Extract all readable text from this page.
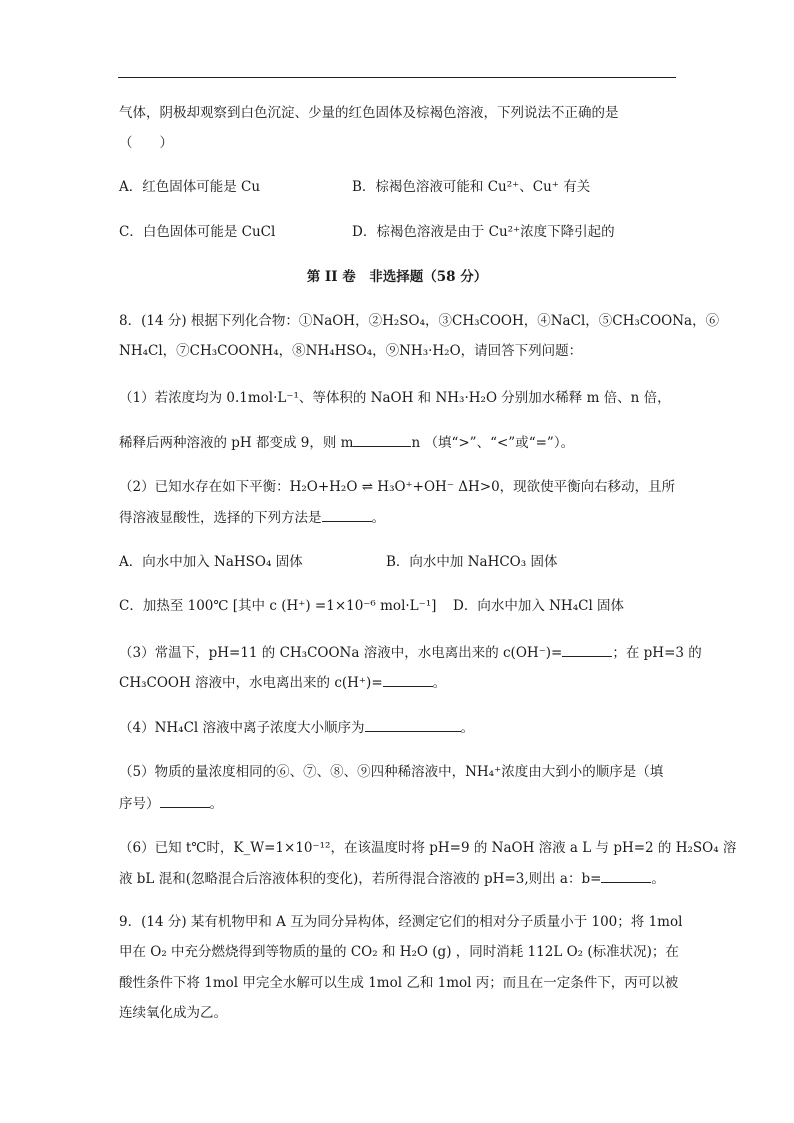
气体，阴极却观察到白色沉淀、少量的红色固体及棕褐色溶液，下列说法不正确的是
（　　）
A．红色固体可能是 Cu	B．棕褐色溶液可能和 Cu²⁺、Cu⁺ 有关
C．白色固体可能是 CuCl	D．棕褐色溶液是由于 Cu²⁺浓度下降引起的
第 II 卷　非选择题（58 分）
8．(14 分) 根据下列化合物：①NaOH，②H₂SO₄，③CH₃COOH，④NaCl，⑤CH₃COONa，⑥
NH₄Cl，⑦CH₃COONH₄，⑧NH₄HSO₄，⑨NH₃·H₂O，请回答下列问题：
（1）若浓度均为 0.1mol·L⁻¹、等体积的 NaOH 和 NH₃·H₂O 分别加水稀释 m 倍、n 倍，
稀释后两种溶液的 pH 都变成 9，则 m	n （填“>”、“<”或“=”）。
（2）已知水存在如下平衡：H₂O+H₂O ⇌ H₃O⁺+OH⁻ ΔH>0，现欲使平衡向右移动，且所
得溶液显酸性，选择的下列方法是	。
A．向水中加入 NaHSO₄ 固体	B．向水中加 NaHCO₃ 固体
C．加热至 100℃ [其中 c (H⁺) =1×10⁻⁶ mol·L⁻¹] D．向水中加入 NH₄Cl 固体
（3）常温下，pH=11 的 CH₃COONa 溶液中，水电离出来的 c(OH⁻)=	；在 pH=3 的
CH₃COOH 溶液中，水电离出来的 c(H⁺)=	。
（4）NH₄Cl 溶液中离子浓度大小顺序为	。
（5）物质的量浓度相同的⑥、⑦、⑧、⑨四种稀溶液中，NH₄⁺浓度由大到小的顺序是（填
序号）	。
（6）已知 t℃时，K_W=1×10⁻¹²，在该温度时将 pH=9 的 NaOH 溶液 a L 与 pH=2 的 H₂SO₄ 溶
液 bL 混和(忽略混合后溶液体积的变化)，若所得混合溶液的 pH=3,则出 a：b=	。
9．(14 分) 某有机物甲和 A 互为同分异构体，经测定它们的相对分子质量小于 100；将 1mol
甲在 O₂ 中充分燃烧得到等物质的量的 CO₂ 和 H₂O (g) ，同时消耗 112L O₂ (标准状况)；在
酸性条件下将 1mol 甲完全水解可以生成 1mol 乙和 1mol 丙；而且在一定条件下，丙可以被
连续氧化成为乙。
